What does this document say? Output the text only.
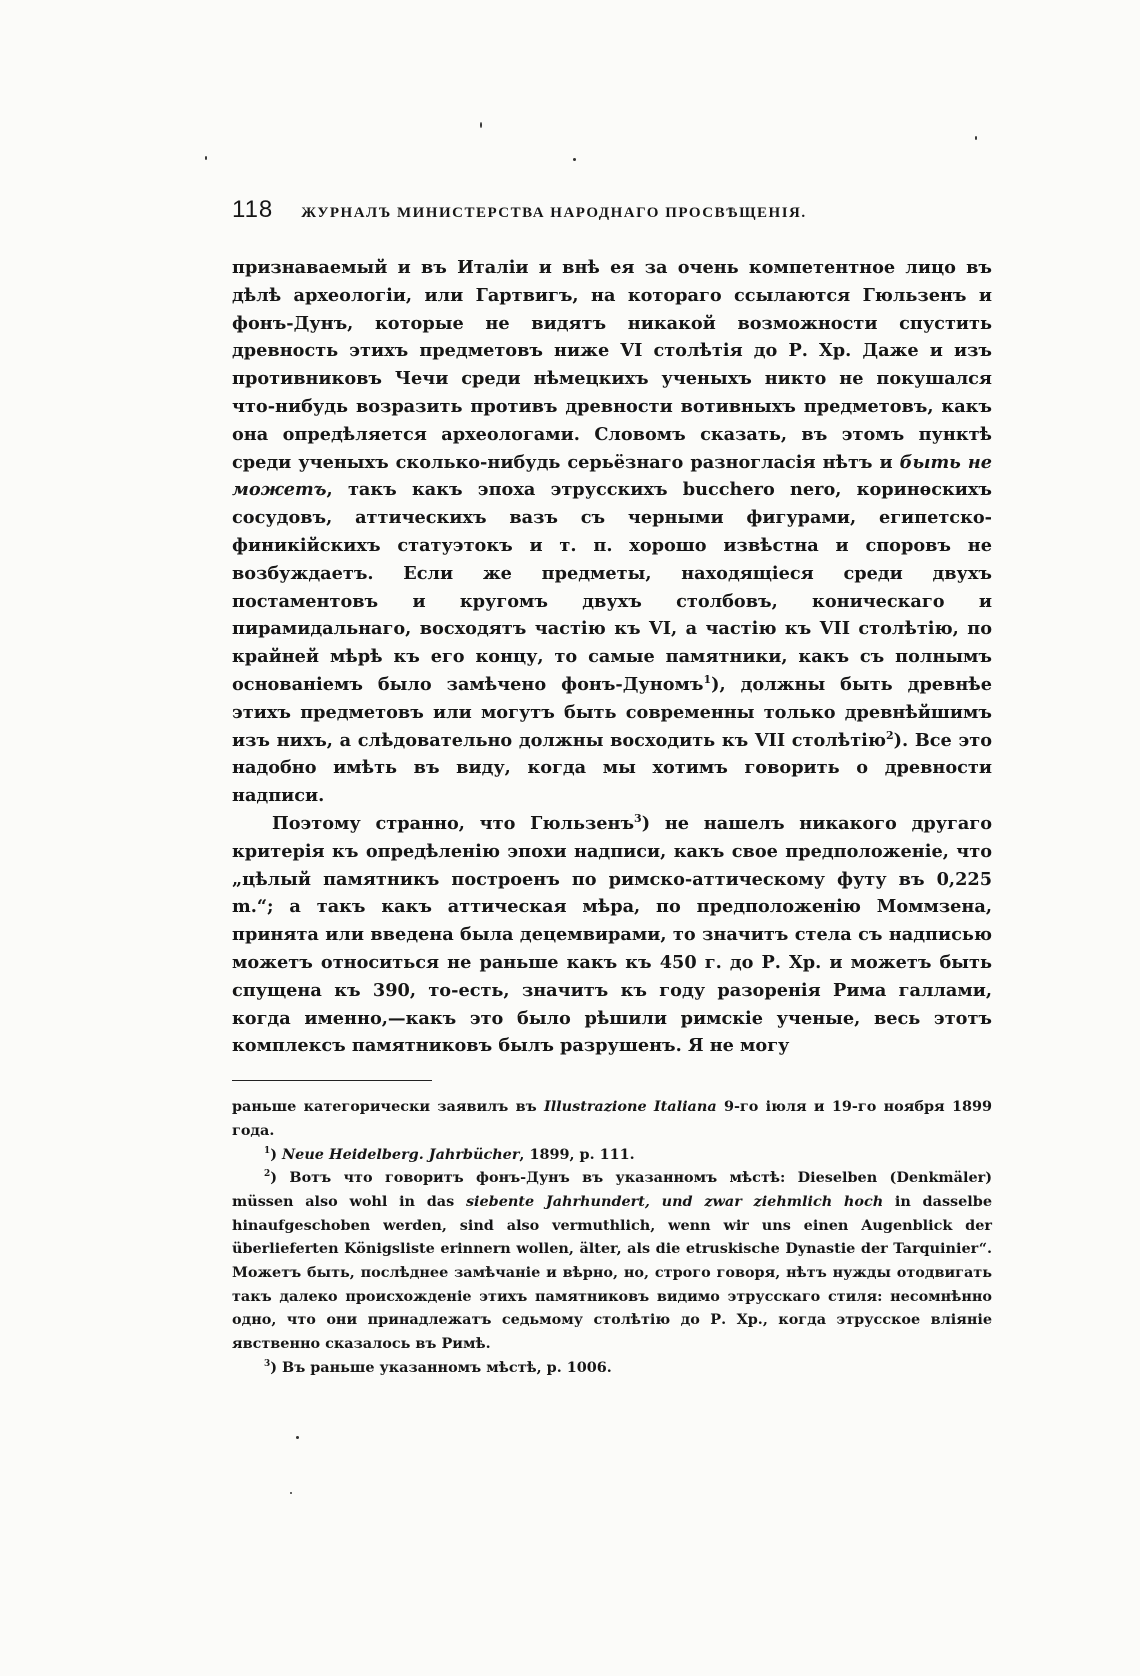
118 ЖУРНАЛЪ МИНИСТЕРСТВА НАРОДНАГО ПРОСВѢЩЕНІЯ.

признаваемый и въ Италіи и внѣ ея за очень компетентное лицо въ дѣлѣ археологіи, или Гартвигъ, на котораго ссылаются Гюльзенъ и фонъ-Дунъ, которые не видятъ никакой возможности спустить древность этихъ предметовъ ниже VI столѣтія до Р. Хр. Даже и изъ противниковъ Чечи среди нѣмецкихъ ученыхъ никто не покушался что-нибудь возразить противъ древности вотивныхъ предметовъ, какъ она опредѣляется археологами. Словомъ сказать, въ этомъ пунктѣ среди ученыхъ сколько-нибудь серьёзнаго разногласія нѣтъ и быть не можетъ, такъ какъ эпоха этрусскихъ bucchero nero, коринѳскихъ сосудовъ, аттическихъ вазъ съ черными фигурами, египетско-финикійскихъ статуэтокъ и т. п. хорошо извѣстна и споровъ не возбуждаетъ. Если же предметы, находящіеся среди двухъ постаментовъ и кругомъ двухъ столбовъ, коническаго и пирамидальнаго, восходятъ частію къ VI, а частію къ VII столѣтію, по крайней мѣрѣ къ его концу, то самые памятники, какъ съ полнымъ основаніемъ было замѣчено фонъ-Дуномъ$^1$), должны быть древнѣе этихъ предметовъ или могутъ быть современны только древнѣйшимъ изъ нихъ, а слѣдовательно должны восходить къ VII столѣтію$^2$). Все это надобно имѣть въ виду, когда мы хотимъ говорить о древности надписи.

Поэтому странно, что Гюльзенъ$^3$) не нашелъ никакого другаго критерія къ опредѣленію эпохи надписи, какъ свое предположеніе, что „цѣлый памятникъ построенъ по римско-аттическому футу въ 0,225 m.“; а такъ какъ аттическая мѣра, по предположенію Моммзена, принята или введена была децемвирами, то значитъ стела съ надписью можетъ относиться не раньше какъ къ 450 г. до Р. Хр. и можетъ быть спущена къ 390, то-есть, значитъ къ году разоренія Рима галлами, когда именно,—какъ это было рѣшили римскіе ученые, весь этотъ комплексъ памятниковъ былъ разрушенъ. Я не могу

раньше категорически заявилъ въ Illustrazione Italiana 9-го іюля и 19-го ноября 1899 года.

$^1$) Neue Heidelberg. Jahrbücher, 1899, p. 111.

$^2$) Вотъ что говоритъ фонъ-Дунъ въ указанномъ мѣстѣ: Dieselben (Denkmäler) müssen also wohl in das siebente Jahrhundert, und zwar ziehmlich hoch in dasselbe hinaufgeschoben werden, sind also vermuthlich, wenn wir uns einen Augenblick der überlieferten Königsliste erinnern wollen, älter, als die etruskische Dynastie der Tarquinier“. Можетъ быть, послѣднее замѣчаніе и вѣрно, но, строго говоря, нѣтъ нужды отодвигать такъ далеко происхожденіе этихъ памятниковъ видимо этрусскаго стиля: несомнѣнно одно, что они принадлежатъ седьмому столѣтію до Р. Хр., когда этрусское вліяніе явственно сказалось въ Римѣ.

$^3$) Въ раньше указанномъ мѣстѣ, p. 1006.
